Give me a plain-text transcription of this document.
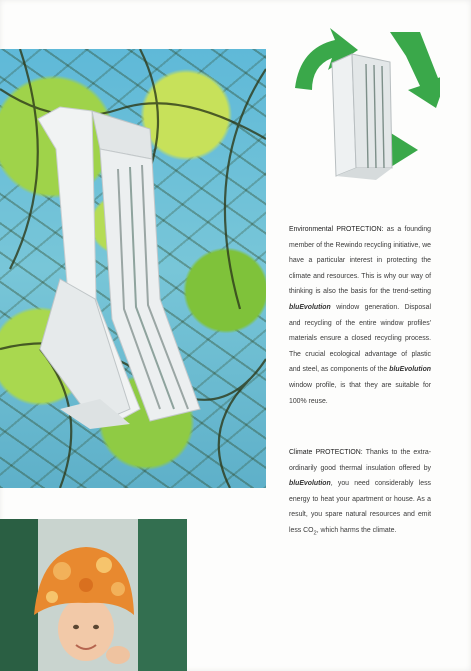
Environmental PROTECTION: as a founding member of the Rewindo recycling initiative, we have a particular interest in protecting the climate and resources. This is why our way of thinking is also the basis for the trend-setting bluEvolution window generation. Disposal and recycling of the entire window profiles' materials ensure a closed recycling process. The crucial ecological advantage of plastic and steel, as components of the bluEvolution window profile, is that they are suitable for 100% reuse.
Climate PROTECTION: Thanks to the extra-ordinarily good thermal insulation offered by bluEvolution, you need considerably less energy to heat your apartment or house. As a result, you spare natural resources and emit less $CO_2$, which harms the climate.
